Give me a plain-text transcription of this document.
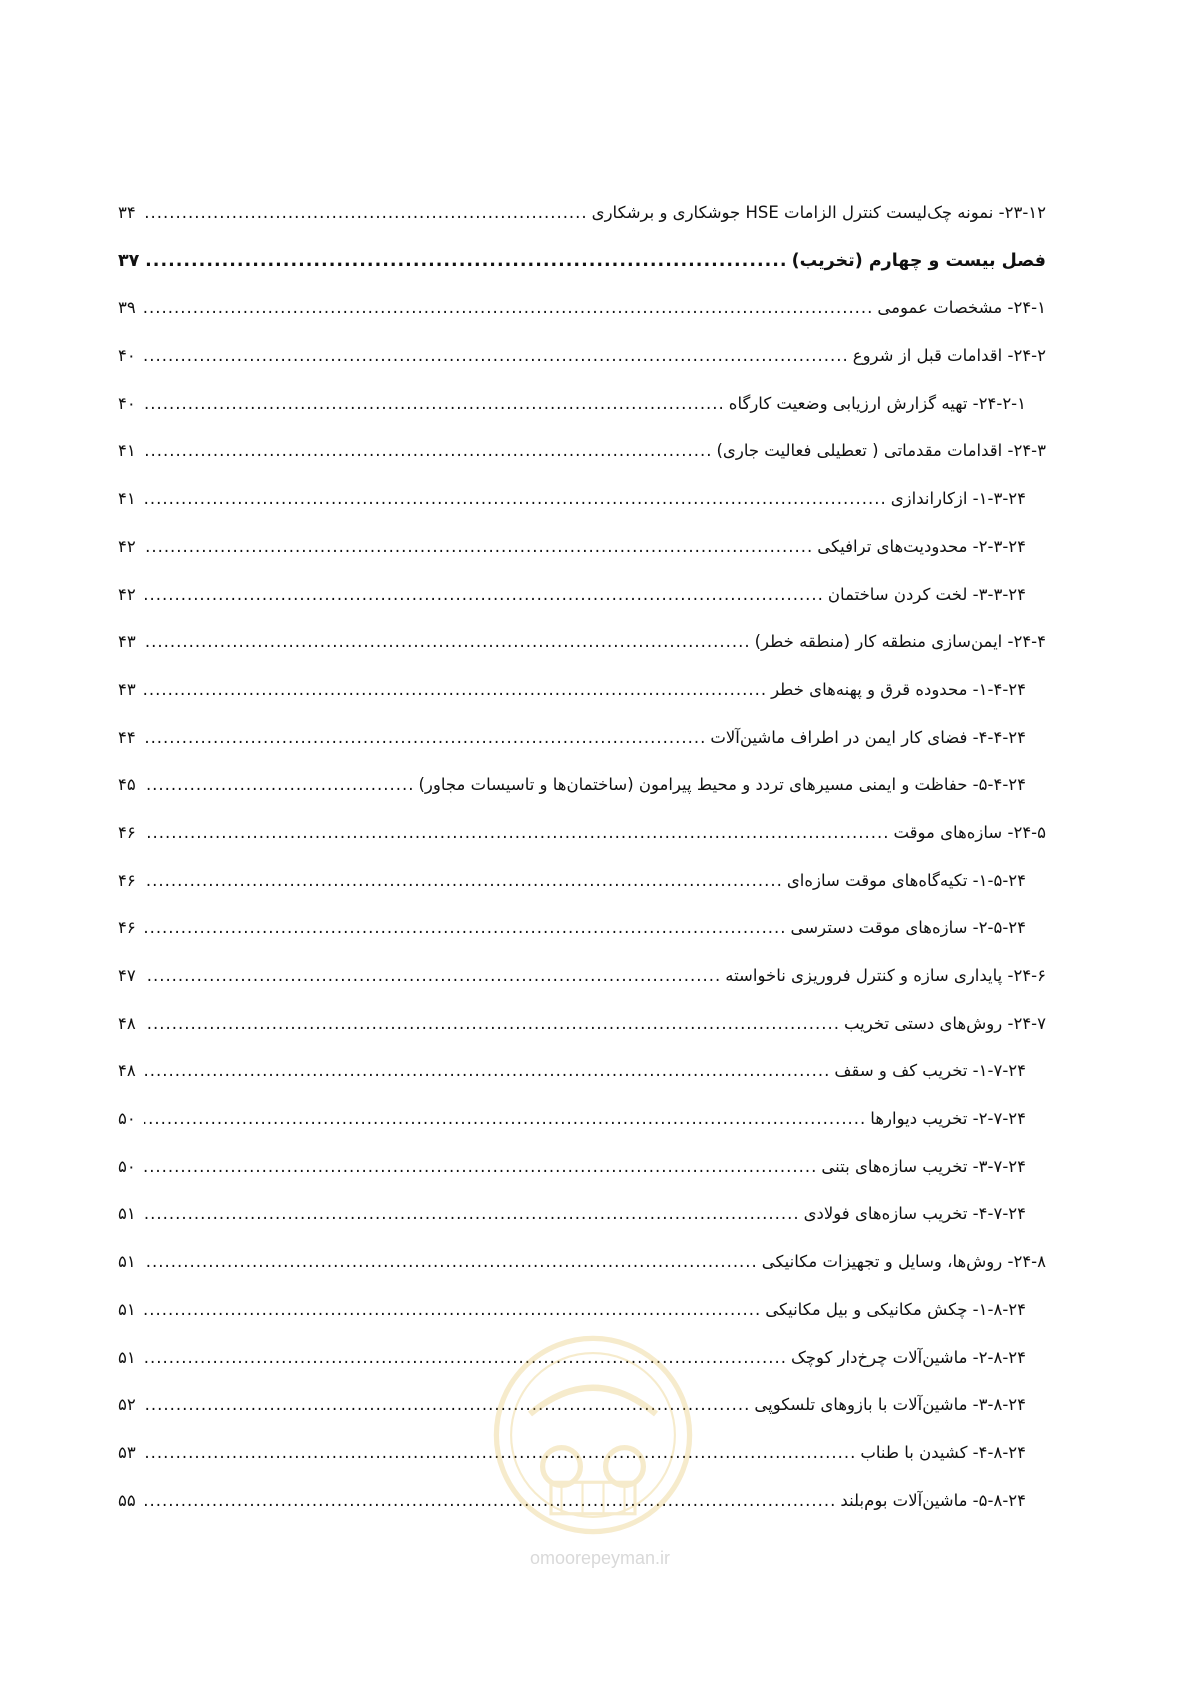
۲۳-۱۲- نمونه چک‌لیست کنترل الزامات HSE جوشکاری و برشکاری
.....
۳۴
فصل بیست و چهارم (تخریب)
.....
۳۷
۲۴-۱- مشخصات عمومی
.....
۳۹
۲۴-۲- اقدامات قبل از شروع
.....
۴۰
۲۴-۲-۱- تهیه گزارش ارزیابی وضعیت کارگاه
.....
۴۰
۲۴-۳- اقدامات مقدماتی ( تعطیلی فعالیت جاری)
.....
۴۱
۱-۳-۲۴- ازکاراندازی
.....
۴۱
۲-۳-۲۴- محدودیت‌های ترافیکی
.....
۴۲
۳-۳-۲۴- لخت کردن ساختمان
.....
۴۲
۲۴-۴- ایمن‌سازی منطقه کار (منطقه خطر)
.....
۴۳
۱-۴-۲۴- محدوده قرق و پهنه‌های خطر
.....
۴۳
۴-۴-۲۴- فضای کار ایمن در اطراف ماشین‌آلات
.....
۴۴
۵-۴-۲۴- حفاظت و ایمنی مسیرهای تردد و محیط پیرامون (ساختمان‌ها و تاسیسات مجاور)
.....
۴۵
۲۴-۵- سازه‌های موقت
.....
۴۶
۱-۵-۲۴- تکیه‌گاه‌های موقت سازه‌ای
.....
۴۶
۲-۵-۲۴- سازه‌های موقت دسترسی
.....
۴۶
۲۴-۶- پایداری سازه و کنترل فروریزی ناخواسته
.....
۴۷
۲۴-۷- روش‌های دستی تخریب
.....
۴۸
۱-۷-۲۴- تخریب کف و سقف
.....
۴۸
۲-۷-۲۴- تخریب دیوارها
.....
۵۰
۳-۷-۲۴- تخریب سازه‌های بتنی
.....
۵۰
۴-۷-۲۴- تخریب سازه‌های فولادی
.....
۵۱
۲۴-۸- روش‌ها، وسایل و تجهیزات مکانیکی
.....
۵۱
۱-۸-۲۴- چکش مکانیکی و بیل مکانیکی
.....
۵۱
۲-۸-۲۴- ماشین‌آلات چرخ‌دار کوچک
.....
۵۱
۳-۸-۲۴- ماشین‌آلات با بازوهای تلسکوپی
.....
۵۲
۴-۸-۲۴- کشیدن با طناب
.....
۵۳
۵-۸-۲۴- ماشین‌آلات بوم‌بلند
.....
۵۵
omoorepeyman.ir
